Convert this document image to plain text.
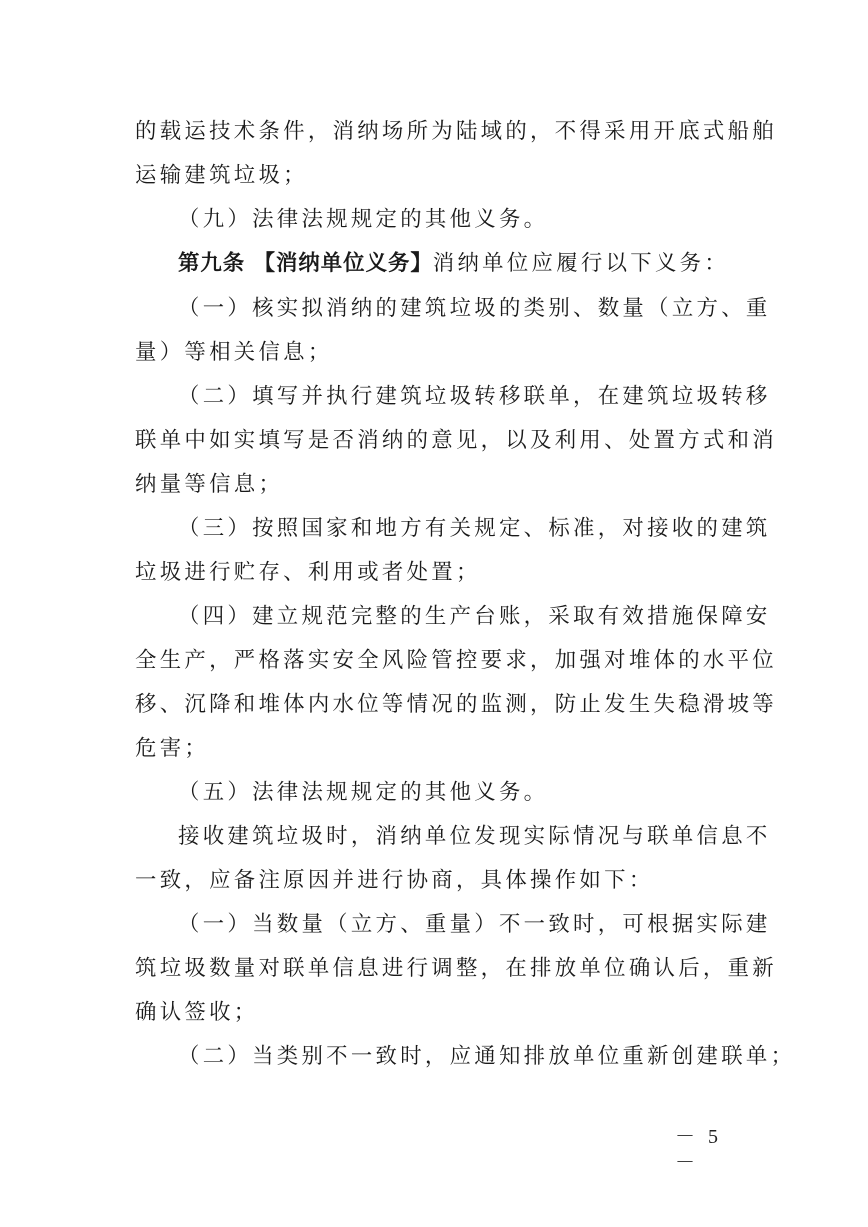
的载运技术条件，消纳场所为陆域的，不得采用开底式船舶
运输建筑垃圾；
（九）法律法规规定的其他义务。
第九条 【消纳单位义务】消纳单位应履行以下义务：
（一）核实拟消纳的建筑垃圾的类别、数量（立方、重
量）等相关信息；
（二）填写并执行建筑垃圾转移联单，在建筑垃圾转移
联单中如实填写是否消纳的意见，以及利用、处置方式和消
纳量等信息；
（三）按照国家和地方有关规定、标准，对接收的建筑
垃圾进行贮存、利用或者处置；
（四）建立规范完整的生产台账，采取有效措施保障安
全生产，严格落实安全风险管控要求，加强对堆体的水平位
移、沉降和堆体内水位等情况的监测，防止发生失稳滑坡等
危害；
（五）法律法规规定的其他义务。
接收建筑垃圾时，消纳单位发现实际情况与联单信息不
一致，应备注原因并进行协商，具体操作如下：
（一）当数量（立方、重量）不一致时，可根据实际建
筑垃圾数量对联单信息进行调整，在排放单位确认后，重新
确认签收；
（二）当类别不一致时，应通知排放单位重新创建联单；
－ 5 －
